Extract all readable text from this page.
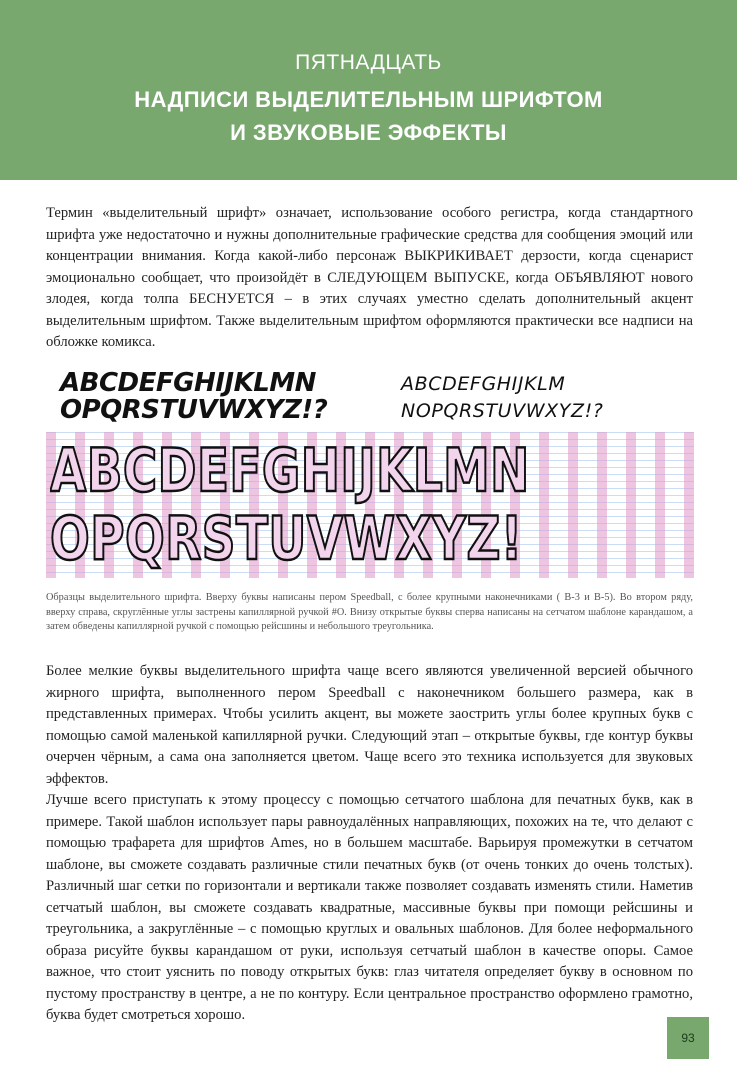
ПЯТНАДЦАТЬ
НАДПИСИ ВЫДЕЛИТЕЛЬНЫМ ШРИФТОМ
И ЗВУКОВЫЕ ЭФФЕКТЫ

Термин «выделительный шрифт» означает, использование особого регистра, когда стандартного шрифта уже недостаточно и нужны дополнительные графические средства для сообщения эмоций или концентрации внимания. Когда какой-либо персонаж ВЫКРИКИВАЕТ дерзости, когда сценарист эмоционально сообщает, что произойдёт в СЛЕДУЮЩЕМ ВЫПУСКЕ, когда ОБЪЯВЛЯЮТ нового злодея, когда толпа БЕСНУЕТСЯ – в этих случаях уместно сделать дополнительный акцент выделительным шрифтом. Также выделительным шрифтом оформляются практически все надписи на обложке комикса.

ABCDEFGHIJKLMN	ABCDEFGHIJKLM
OPQRSTUVWXYZ!?	NOPQRSTUVWXYZ!?
ABCDEFGHIJKLMN
OPQRSTUVWXYZ!

Образцы выделительного шрифта. Вверху буквы написаны пером Speedball, с более крупными наконечниками ( B-3 и B-5). Во втором ряду, вверху справа, скруглённые углы застрены капиллярной ручкой #O. Внизу открытые буквы сперва написаны на сетчатом шаблоне карандашом, а затем обведены капиллярной ручкой с помощью рейсшины и небольшого треугольника.

Более мелкие буквы выделительного шрифта чаще всего являются увеличенной версией обычного жирного шрифта, выполненного пером Speedball с наконечником большего размера, как в представленных примерах. Чтобы усилить акцент, вы можете заострить углы более крупных букв с помощью самой маленькой капиллярной ручки. Следующий этап – открытые буквы, где контур буквы очерчен чёрным, а сама она заполняется цветом. Чаще всего это техника используется для звуковых эффектов.

Лучше всего приступать к этому процессу с помощью сетчатого шаблона для печатных букв, как в примере. Такой шаблон использует пары равноудалённых направляющих, похожих на те, что делают с помощью трафарета для шрифтов Ames, но в большем масштабе. Варьируя промежутки в сетчатом шаблоне, вы сможете создавать различные стили печатных букв (от очень тонких до очень толстых). Различный шаг сетки по горизонтали и вертикали также позволяет создавать изменять стили. Наметив сетчатый шаблон, вы сможете создавать квадратные, массивные буквы при помощи рейсшины и треугольника, а закруглённые – с помощью круглых и овальных шаблонов. Для более неформального образа рисуйте буквы карандашом от руки, используя сетчатый шаблон в качестве опоры. Самое важное, что стоит уяснить по поводу открытых букв: глаз читателя определяет букву в основном по пустому пространству в центре, а не по контуру. Если центральное пространство оформлено грамотно, буква будет смотреться хорошо.

93
